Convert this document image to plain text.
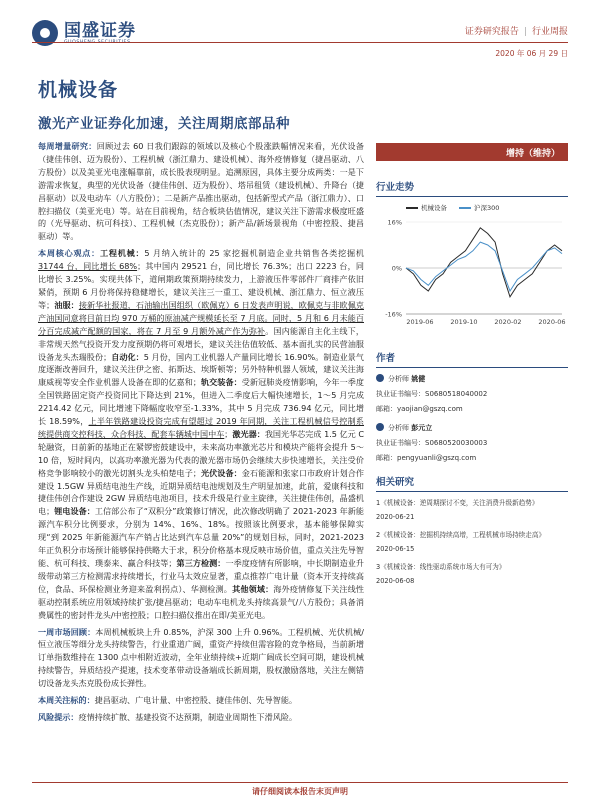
国盛证券	证券研究报告 | 行业周报
2020 年 06 月 29 日
机械设备
激光产业证券化加速，关注周期底部品种

每周增量研究：回顾过去 60 日我们跟踪的领域以及核心个股涨跌幅情况来看，光伏设备（捷佳伟创、迈为股份）、工程机械（浙江鼎力、建设机械）、海外疫情修复（捷昌驱动、八方股份）以及美亚光电涨幅靠前，成长股表现明显。追溯原因，具体主要分成两类：一是下游需求恢复，典型的光伏设备（捷佳伟创、迈为股份）、塔吊租赁（建设机械）、升降台（捷昌驱动）以及电动车（八方股份）；二是新产品推出驱动，包括新型式产品（浙江鼎力）、口腔扫描仪（美亚光电）等。站在目前视角，结合板块估值情况，建议关注下游需求极度旺盛的（光导驱动、杭可科技）、工程机械（杰克股份）；新产品/新场景视角（中密控股、捷昌驱动）等。

本周核心观点：工程机械：5 月纳入统计的 25 家挖掘机制造企业共销售各类挖掘机 31744 台，同比增长 68%；其中国内 29521 台，同比增长 76.3%；出口 2223 台，同比增长 3.25%。实现共体下，道闸期政策预期持续发力，上游液压件零部件厂商排产依旧紧俏，预期 6 月份将保持稳健增长，建议关注三一重工、建设机械、浙江鼎力、恒立液压等；油服：接新华社报道，石油输出国组织（欧佩克）6 日发表声明说，欧佩克与非欧佩克产油国同意将目前日均 970 万桶的原油减产规模延长至 7 月底。同时，5 月和 6 月未能百分百完成减产配额的国家，将在 7 月至 9 月额外减产作为弥补。国内能源自主化主线下，非常规天然气投资开发力度预期仍将可观增长，建议关注估值较低、基本面扎实的民营油服设备龙头杰瑞股份；自动化：5 月份，国内工业机器人产量同比增长 16.90%。制造业景气度逐渐改善回升，建议关注伊之密、拓斯达、埃斯顿等；另外特种机器人领域，建议关注海康威视等安全作业机器人设备在即的亿嘉和；轨交装备：受新冠肺炎疫情影响，今年一季度全国铁路固定资产投资同比下降达到 21%，但进入二季度后大幅快速增长，1～5 月完成 2214.42 亿元，同比增速下降幅度收窄至-1.33%，其中 5 月完成 736.94 亿元，同比增长 18.59%，上半年铁路建设投资完成有望超过 2019 年同期，关注工程机械信号控制系统提供商交控科技、众合科技、配套车辆城中国中车；激光器：我国光华芯完成 1.5 亿元 C 轮融资，日前新的基地正在紧锣密鼓建设中，未来高功率激光芯片和模块产能将会提升 5～10 倍，短时间内，以高功率激光器为代表的激光器市场仍会继续大步快速增长，关注受价格竞争影响较小的激光切割头龙头柏楚电子；光伏设备：金石能源和张家口市政府计划合作建设 1.5GW 异质结电池生产线，近期异质结电池规划及生产明显加速，此前，爱康科技和捷佳伟创合作建设 2GW 异质结电池项目，技术升级是行业主旋律，关注捷佳伟创，晶盛机电；锂电设备：工信部公布了“双积分”政策修订情况，此次修改明确了 2021-2023 年新能源汽车积分比例要求，分别为 14%、16%、18%。按照该比例要求，基本能够保障实现“到 2025 年新能源汽车产销占比达到汽车总量 20%”的规划目标，同时，2021-2023 年正负积分市场预计能够保持供略大于求，积分价格基本现反映市场价值，重点关注先导智能、杭可科技、璞泰来、赢合科技等；第三方检测：一季度疫情有所影响，中长期制造业升级带动第三方检测需求持续增长，行业马太效应显著，重点推荐广电计量（资本开支持续高位，食品、环保检测业务迎来盈利拐点）、华测检测。其他领域：海外疫情修复下关注线性驱动控制系统应用领域持续扩张/捷昌驱动；电动车电机龙头持续高景气/八方股份；具备消费属性的密封件龙头/中密控股；口腔扫描仪推出在即/美亚光电。

一周市场回顾：本周机械板块上升 0.85%，沪深 300 上升 0.96%。工程机械、光伏机械/恒立液压等细分龙头持续警告，行业重道广阔，重资产持续但需容险的竞争格局，当前新增订单指数维持在 1300 点中相附近波动，全年业绩持续+近期广阔成长空间可期，建设机械持续警告，异质结投产提速，技术变革带动设备端成长新周期，股权激励落地，关注左侧错切设备龙头杰克股份成长弹性。

本周关注标的：捷昌驱动、广电计量、中密控股、捷佳伟创、先导智能。

风险提示：疫情持续扩散、基建投资不达预期，制造业周期性下滑风险。

增持（维持）
行业走势
机械设备	沪深300
16%
0%
-16%
2019-06	2019-10	2020-02	2020-06
作者
分析师 姚健
执业证书编号：S0680518040002
邮箱：yaojian@gszq.com
分析师 彭元立
执业证书编号：S0680520030003
邮箱：pengyuanli@gszq.com
相关研究
1《机械设备：逆周期探讨不变，关注消费升级新趋势》
2020-06-21
2《机械设备：挖掘机持续高增，工程机械市场持续走高》
2020-06-15
3《机械设备：线性驱动系统市场大有可为》
2020-06-08
请仔细阅读本报告末页声明
